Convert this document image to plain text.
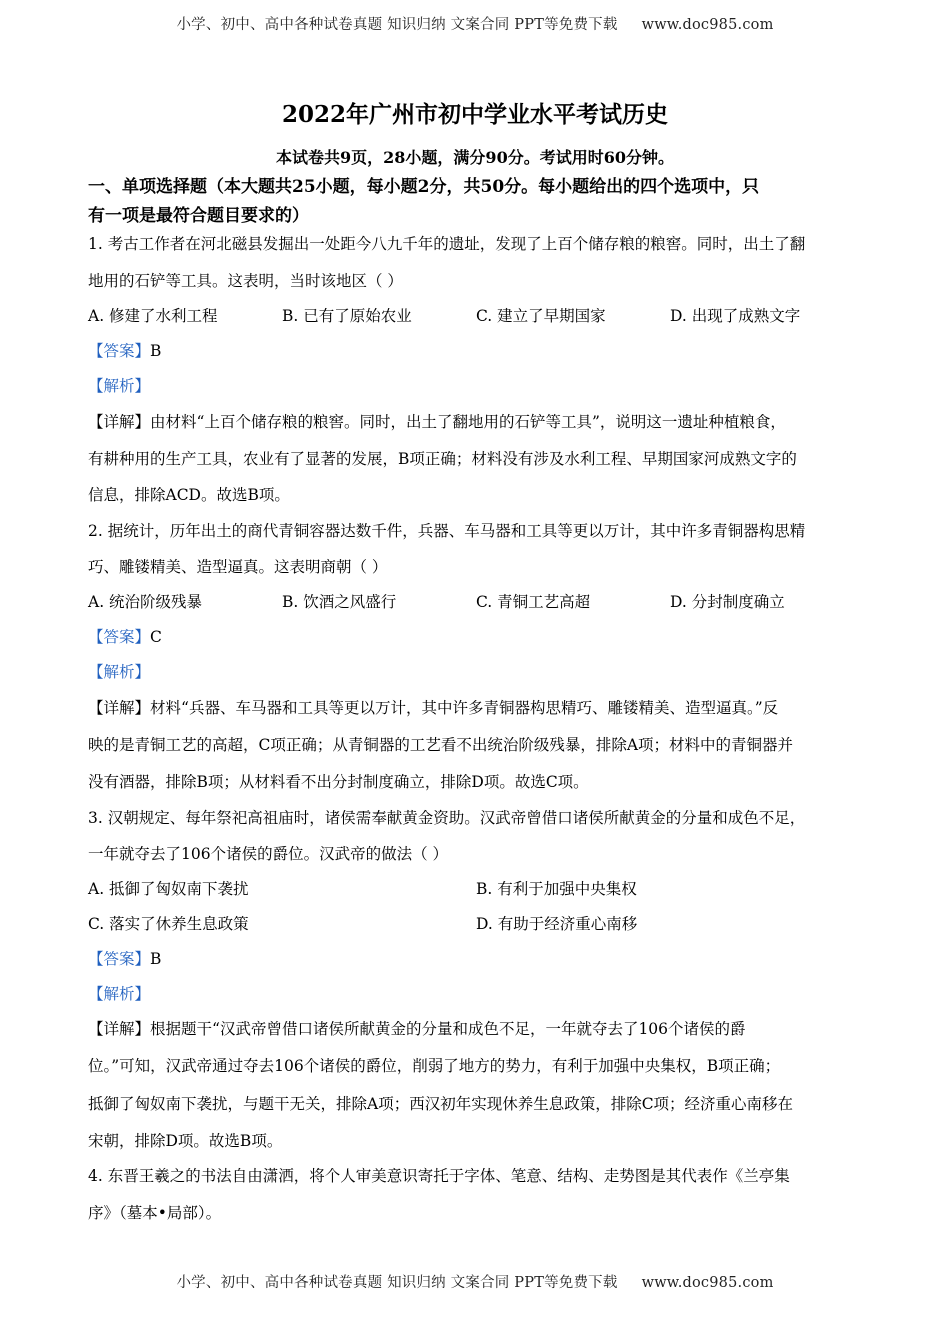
小学、初中、高中各种试卷真题 知识归纳 文案合同 PPT等免费下载 www.doc985.com
2022年广州市初中学业水平考试历史
本试卷共9页，28小题，满分90分。考试用时60分钟。
一、单项选择题（本大题共25小题，每小题2分，共50分。每小题给出的四个选项中，只
有一项是最符合题目要求的）
1. 考古工作者在河北磁县发掘出一处距今八九千年的遗址，发现了上百个储存粮的粮窖。同时，出土了翻
地用的石铲等工具。这表明，当时该地区（ ）
A. 修建了水利工程	B. 已有了原始农业	C. 建立了早期国家	D. 出现了成熟文字
【答案】B
【解析】
【详解】由材料“上百个储存粮的粮窖。同时，出土了翻地用的石铲等工具”，说明这一遗址种植粮食，
有耕种用的生产工具，农业有了显著的发展，B项正确；材料没有涉及水利工程、早期国家河成熟文字的
信息，排除ACD。故选B项。
2. 据统计，历年出土的商代青铜容器达数千件，兵器、车马器和工具等更以万计，其中许多青铜器构思精
巧、雕镂精美、造型逼真。这表明商朝（ ）
A. 统治阶级残暴	B. 饮酒之风盛行	C. 青铜工艺高超	D. 分封制度确立
【答案】C
【解析】
【详解】材料“兵器、车马器和工具等更以万计，其中许多青铜器构思精巧、雕镂精美、造型逼真。”反
映的是青铜工艺的高超，C项正确；从青铜器的工艺看不出统治阶级残暴，排除A项；材料中的青铜器并
没有酒器，排除B项；从材料看不出分封制度确立，排除D项。故选C项。
3. 汉朝规定、每年祭祀高祖庙时，诸侯需奉献黄金资助。汉武帝曾借口诸侯所献黄金的分量和成色不足，
一年就夺去了106个诸侯的爵位。汉武帝的做法（ ）
A. 抵御了匈奴南下袭扰	B. 有利于加强中央集权
C. 落实了休养生息政策	D. 有助于经济重心南移
【答案】B
【解析】
【详解】根据题干“汉武帝曾借口诸侯所献黄金的分量和成色不足，一年就夺去了106个诸侯的爵
位。”可知，汉武帝通过夺去106个诸侯的爵位，削弱了地方的势力，有利于加强中央集权，B项正确；
抵御了匈奴南下袭扰，与题干无关，排除A项；西汉初年实现休养生息政策，排除C项；经济重心南移在
宋朝，排除D项。故选B项。
4. 东晋王羲之的书法自由潇洒，将个人审美意识寄托于字体、笔意、结构、走势图是其代表作《兰亭集
序》（墓本•局部）。
小学、初中、高中各种试卷真题 知识归纳 文案合同 PPT等免费下载 www.doc985.com
